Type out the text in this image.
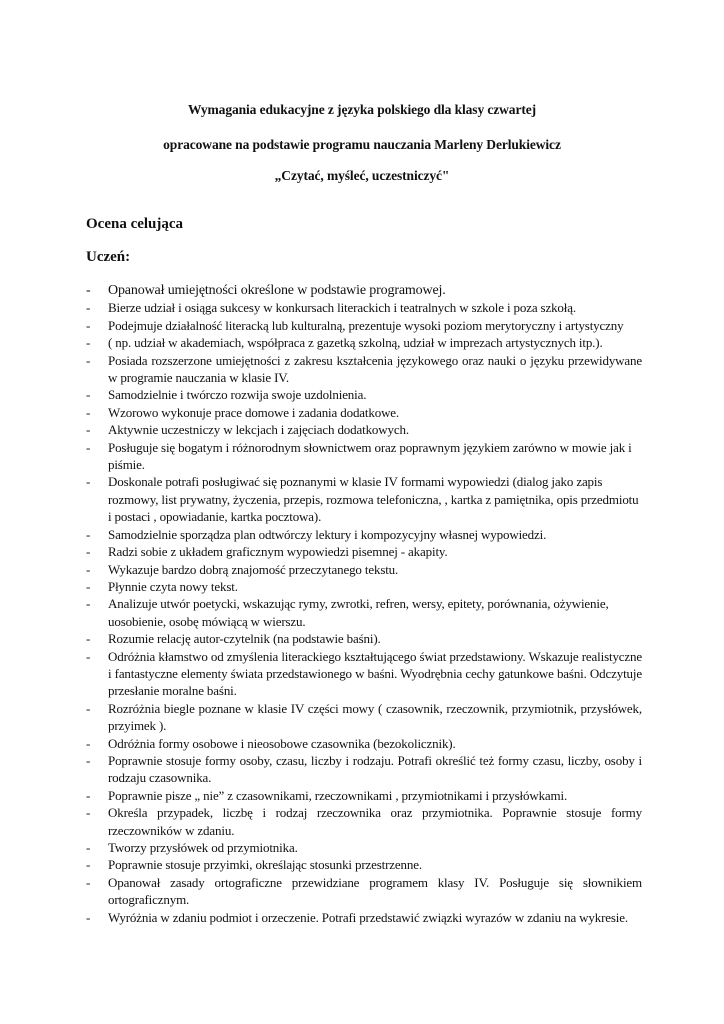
Wymagania edukacyjne z języka polskiego dla klasy czwartej
opracowane na podstawie programu nauczania Marleny Derlukiewicz
„Czytać, myśleć, uczestniczyć"
Ocena celująca
Uczeń:
-	Opanował umiejętności określone w podstawie programowej.
-	Bierze udział i osiąga sukcesy w konkursach literackich i teatralnych w szkole i poza szkołą.
-	Podejmuje działalność literacką lub kulturalną, prezentuje wysoki poziom merytoryczny i artystyczny
-	( np. udział w akademiach, współpraca z gazetką szkolną, udział w imprezach artystycznych itp.).
-	Posiada rozszerzone umiejętności z zakresu kształcenia językowego oraz nauki o języku przewidywane w programie nauczania w klasie IV.
-	Samodzielnie i twórczo rozwija swoje uzdolnienia.
-	Wzorowo wykonuje prace domowe i zadania dodatkowe.
-	Aktywnie uczestniczy w lekcjach i zajęciach dodatkowych.
-	Posługuje się bogatym i różnorodnym słownictwem oraz poprawnym językiem zarówno w mowie jak i piśmie.
-	Doskonale potrafi posługiwać się poznanymi w klasie IV formami wypowiedzi (dialog jako zapis rozmowy, list prywatny, życzenia, przepis, rozmowa telefoniczna, , kartka z pamiętnika, opis przedmiotu i postaci , opowiadanie, kartka pocztowa).
-	Samodzielnie sporządza plan odtwórczy lektury i kompozycyjny własnej wypowiedzi.
-	Radzi sobie z układem graficznym wypowiedzi pisemnej - akapity.
-	Wykazuje bardzo dobrą znajomość przeczytanego tekstu.
-	Płynnie czyta nowy tekst.
-	Analizuje utwór poetycki, wskazując rymy, zwrotki, refren, wersy, epitety, porównania, ożywienie, uosobienie, osobę mówiącą w wierszu.
-	Rozumie relację autor-czytelnik (na podstawie baśni).
-	Odróżnia kłamstwo od zmyślenia literackiego kształtującego świat przedstawiony. Wskazuje realistyczne i fantastyczne elementy świata przedstawionego w baśni. Wyodrębnia cechy gatunkowe baśni. Odczytuje przesłanie moralne baśni.
-	Rozróżnia biegle poznane w klasie IV części mowy ( czasownik, rzeczownik, przymiotnik, przysłówek, przyimek ).
-	Odróżnia formy osobowe i nieosobowe czasownika (bezokolicznik).
-	Poprawnie stosuje formy osoby, czasu, liczby i rodzaju. Potrafi określić też formy czasu, liczby, osoby i rodzaju czasownika.
-	Poprawnie pisze „ nie” z czasownikami, rzeczownikami , przymiotnikami i przysłówkami.
-	Określa przypadek, liczbę i rodzaj rzeczownika oraz przymiotnika. Poprawnie stosuje formy rzeczowników w zdaniu.
-	Tworzy przysłówek od przymiotnika.
-	Poprawnie stosuje przyimki, określając stosunki przestrzenne.
-	Opanował zasady ortograficzne przewidziane programem klasy IV. Posługuje się słownikiem ortograficznym.
-	Wyróżnia w zdaniu podmiot i orzeczenie. Potrafi przedstawić związki wyrazów w zdaniu na wykresie.
